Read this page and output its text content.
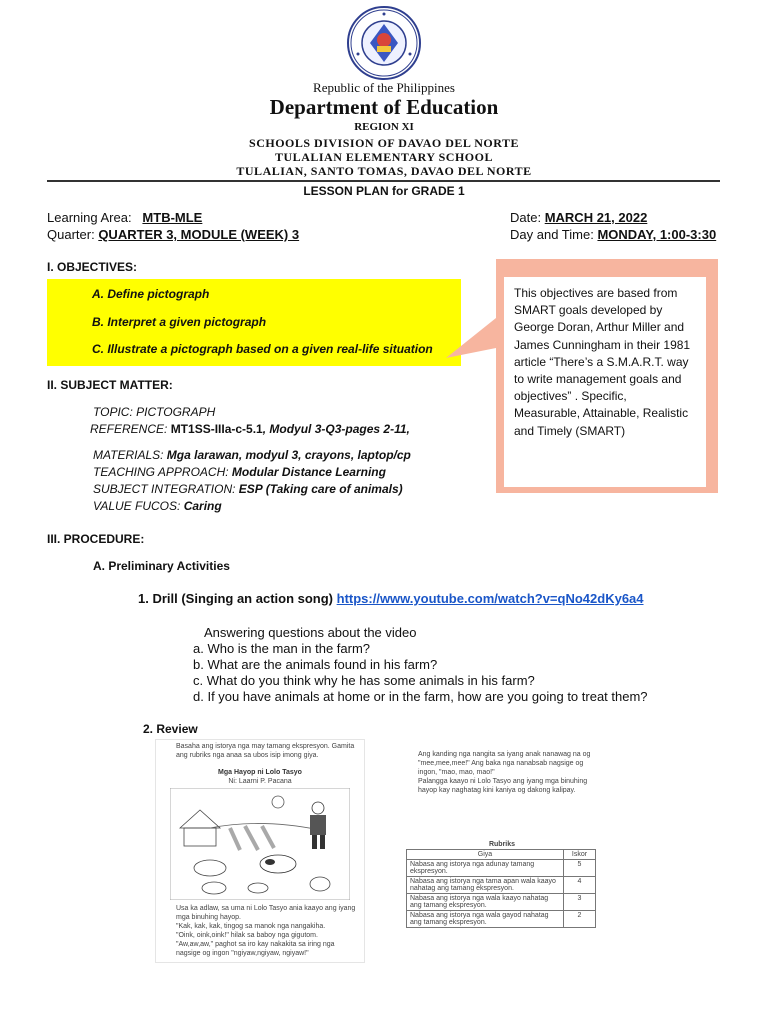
Republic of the Philippines
Department of Education
REGION XI
SCHOOLS DIVISION OF DAVAO DEL NORTE
TULALIAN ELEMENTARY SCHOOL
TULALIAN, SANTO TOMAS, DAVAO DEL NORTE
LESSON PLAN for GRADE 1
Learning Area: MTB-MLE
Quarter: QUARTER 3, MODULE (WEEK) 3
Date: MARCH 21, 2022
Day and Time: MONDAY, 1:00-3:30
I. OBJECTIVES:
A. Define pictograph
B. Interpret a given pictograph
C. Illustrate a pictograph based on a given real-life situation
This objectives are based from SMART goals developed by George Doran, Arthur Miller and James Cunningham in their 1981 article “There’s a S.M.A.R.T. way to write management goals and objectives” . Specific, Measurable, Attainable, Realistic and Timely (SMART)
II. SUBJECT MATTER:
TOPIC: PICTOGRAPH
REFERENCE: MT1SS-IIIa-c-5.1, Modyul 3-Q3-pages 2-11,
MATERIALS: Mga larawan, modyul 3, crayons, laptop/cp
TEACHING APPROACH: Modular Distance Learning
SUBJECT INTEGRATION: ESP (Taking care of animals)
VALUE FUCOS: Caring
III. PROCEDURE:
A. Preliminary Activities
1. Drill (Singing an action song) https://www.youtube.com/watch?v=qNo42dKy6a4
Answering questions about the video
a. Who is the man in the farm?
b. What are the animals found in his farm?
c. What do you think why he has some animals in his farm?
d. If you have animals at home or in the farm, how are you going to treat them?
2. Review
Basaha ang istorya nga may tamang ekspresyon. Gamita ang rubriks nga anaa sa ubos isip imong giya.
Mga Hayop ni Lolo Tasyo
Ni: Laarni P. Pacana
Usa ka adlaw, sa uma ni Lolo Tasyo ania kaayo ang iyang mga binuhing hayop.
"Kak, kak, kak, tingog sa manok nga nangakiha.
"Oink, oink,oink!" hilak sa baboy nga gigutom.
"Aw,aw,aw," paghot sa iro kay nakakita sa iring nga nagsige og ingon "ngiyaw,ngiyaw, ngiyaw!"
Ang kanding nga nangita sa iyang anak nanawag na og "mee,mee,mee!" Ang baka nga nanabsab nagsige og ingon, "mao, mao, mao!"
Palangga kaayo ni Lolo Tasyo ang iyang mga binuhing hayop kay naghatag kini kaniya og dakong kalipay.
Rubriks
Giya	Iskor
Nabasa ang istorya nga adunay tamang ekspresyon.	5
Nabasa ang istorya nga tama apan wala kaayo nahatag ang tamang ekspresyon.	4
Nabasa ang istorya nga wala kaayo nahatag ang tamang ekspresyon.	3
Nabasa ang istorya nga wala gayod nahatag ang tamang ekspresyon.	2
